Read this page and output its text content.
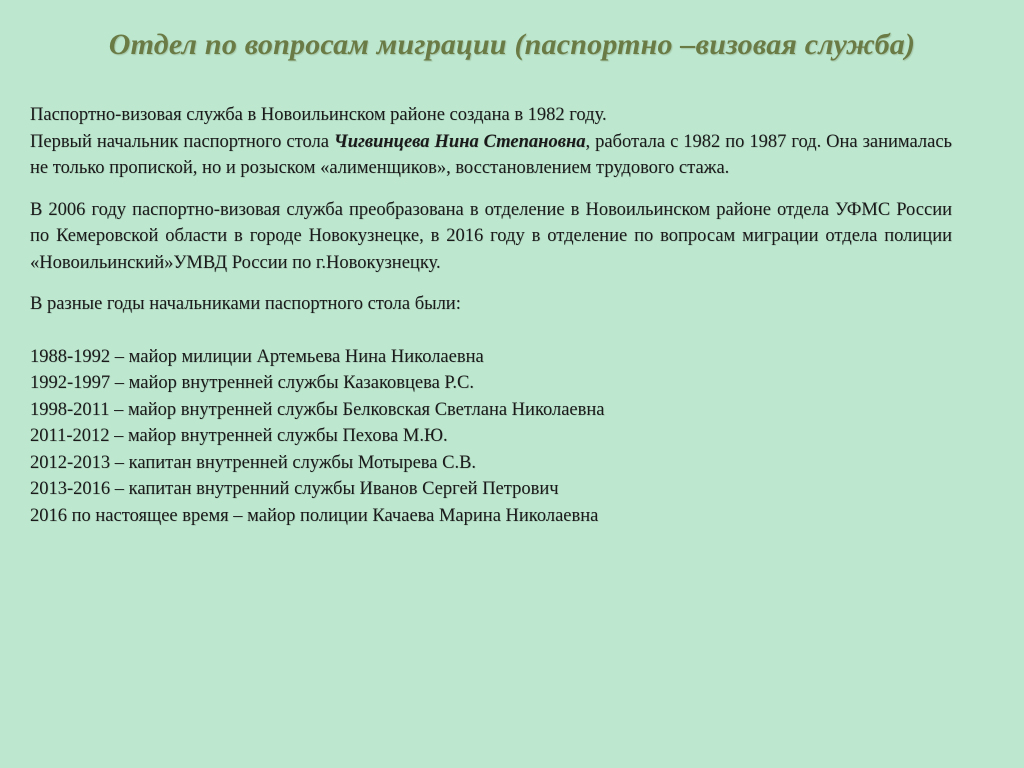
Отдел по вопросам миграции (паспортно –визовая служба)

Паспортно-визовая служба в Новоильинском районе создана в 1982 году.

Первый начальник паспортного стола Чигвинцева Нина Степановна, работала с 1982 по 1987 год. Она занималась не только пропиской, но и розыском «алименщиков», восстановлением трудового стажа.

В 2006 году паспортно-визовая служба преобразована в отделение в Новоильинском районе отдела УФМС России по Кемеровской области в городе Новокузнецке, в 2016 году в отделение по вопросам миграции отдела полиции «Новоильинский»УМВД России по г.Новокузнецку.

В разные годы начальниками паспортного стола были:

1988-1992 – майор милиции Артемьева Нина Николаевна
1992-1997 – майор внутренней службы Казаковцева Р.С.
1998-2011 – майор внутренней службы Белковская Светлана Николаевна
2011-2012 – майор внутренней службы Пехова М.Ю.
2012-2013 – капитан внутренней службы Мотырева С.В.
2013-2016 – капитан внутренний службы Иванов Сергей Петрович
2016 по настоящее время – майор полиции Качаева Марина Николаевна
